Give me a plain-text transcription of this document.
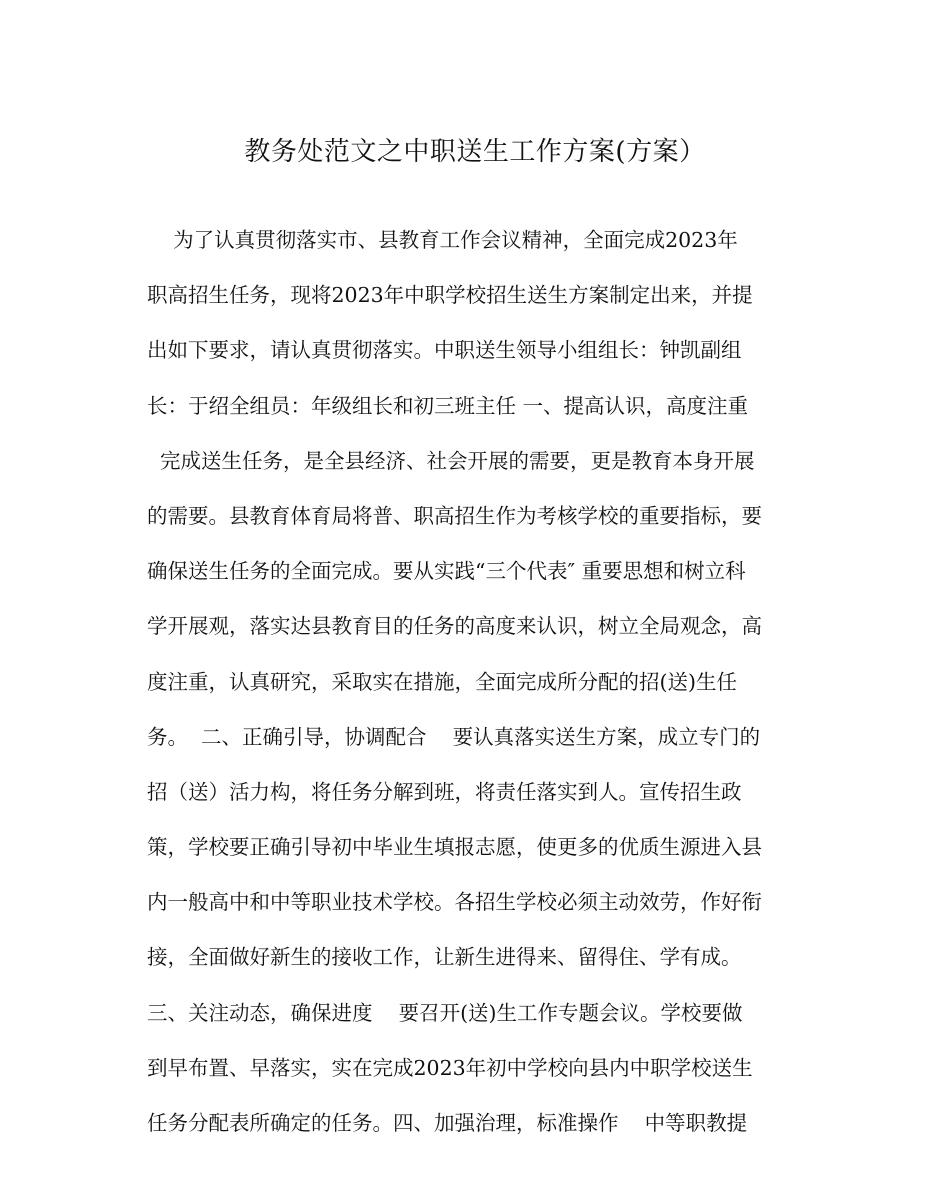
教务处范文之中职送生工作方案(方案）
为了认真贯彻落实市、县教育工作会议精神，全面完成2023年
职高招生任务，现将2023年中职学校招生送生方案制定出来，并提
出如下要求，请认真贯彻落实。中职送生领导小组组长：钟凯副组
长：于绍全组员：年级组长和初三班主任 一、提高认识，高度注重
完成送生任务，是全县经济、社会开展的需要，更是教育本身开展
的需要。县教育体育局将普、职高招生作为考核学校的重要指标，要
确保送生任务的全面完成。要从实践“三个代表″ 重要思想和树立科
学开展观，落实达县教育目的任务的高度来认识，树立全局观念，高
度注重，认真研究，采取实在措施，全面完成所分配的招(送)生任
务。  二、正确引导，协调配合    要认真落实送生方案，成立专门的
招（送）活力构，将任务分解到班，将责任落实到人。宣传招生政
策，学校要正确引导初中毕业生填报志愿，使更多的优质生源进入县
内一般高中和中等职业技术学校。各招生学校必须主动效劳，作好衔
接，全面做好新生的接收工作，让新生进得来、留得住、学有成。
三、关注动态，确保进度    要召开(送)生工作专题会议。学校要做
到早布置、早落实，实在完成2023年初中学校向县内中职学校送生
任务分配表所确定的任务。四、加强治理，标准操作    中等职教提
